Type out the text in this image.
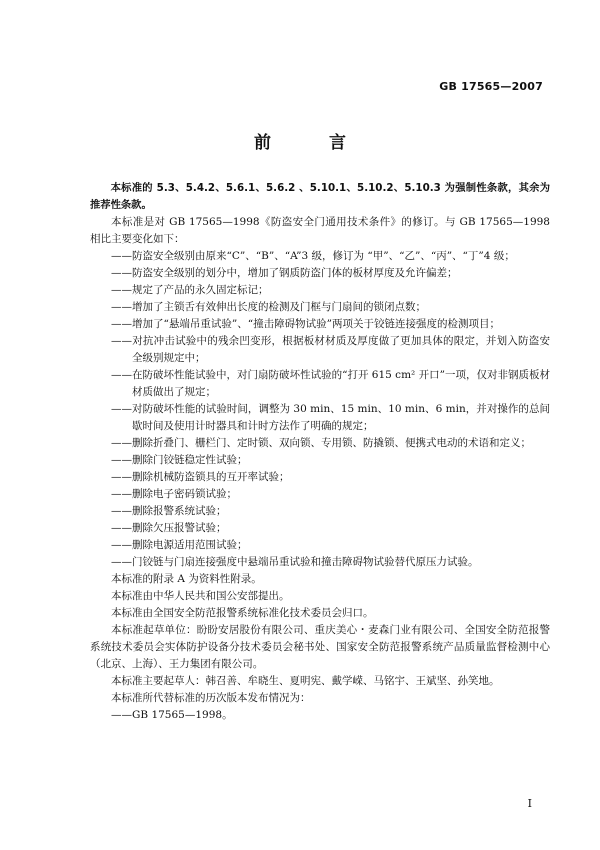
GB 17565—2007
前 言

本标准的 5.3、5.4.2、5.6.1、5.6.2 、5.10.1、5.10.2、5.10.3 为强制性条款，其余为推荐性条款。

本标准是对 GB 17565—1998《防盗安全门通用技术条件》的修订。与 GB 17565—1998 相比主要变化如下：

——防盗安全级别由原来“C”、“B”、“A”3 级，修订为 “甲”、“乙”、“丙”、“丁”4 级；

——防盗安全级别的划分中，增加了钢质防盗门体的板材厚度及允许偏差；

——规定了产品的永久固定标记；

——增加了主锁舌有效伸出长度的检测及门框与门扇间的锁闭点数；

——增加了“悬端吊重试验”、“撞击障碍物试验”两项关于铰链连接强度的检测项目；

——对抗冲击试验中的残余凹变形，根据板材材质及厚度做了更加具体的限定，并划入防盗安全级别规定中；

——在防破坏性能试验中，对门扇防破坏性试验的“打开 615 cm² 开口”一项，仅对非钢质板材材质做出了规定；

——对防破坏性能的试验时间，调整为 30 min、15 min、10 min、6 min，并对操作的总间歇时间及使用计时器具和计时方法作了明确的规定；

——删除折叠门、栅栏门、定时锁、双向锁、专用锁、防撬锁、便携式电动的术语和定义；

——删除门铰链稳定性试验；

——删除机械防盗锁具的互开率试验；

——删除电子密码锁试验；

——删除报警系统试验；

——删除欠压报警试验；

——删除电源适用范围试验；

——门铰链与门扇连接强度中悬端吊重试验和撞击障碍物试验替代原压力试验。

本标准的附录 A 为资料性附录。

本标准由中华人民共和国公安部提出。

本标准由全国安全防范报警系统标准化技术委员会归口。

本标准起草单位：盼盼安居股份有限公司、重庆美心・麦森门业有限公司、全国安全防范报警系统技术委员会实体防护设备分技术委员会秘书处、国家安全防范报警系统产品质量监督检测中心（北京、上海）、王力集团有限公司。

本标准主要起草人：韩召善、牟晓生、夏明宪、戴学嵘、马铭宇、王斌坚、孙笑地。

本标准所代替标准的历次版本发布情况为：

——GB 17565—1998。

I
